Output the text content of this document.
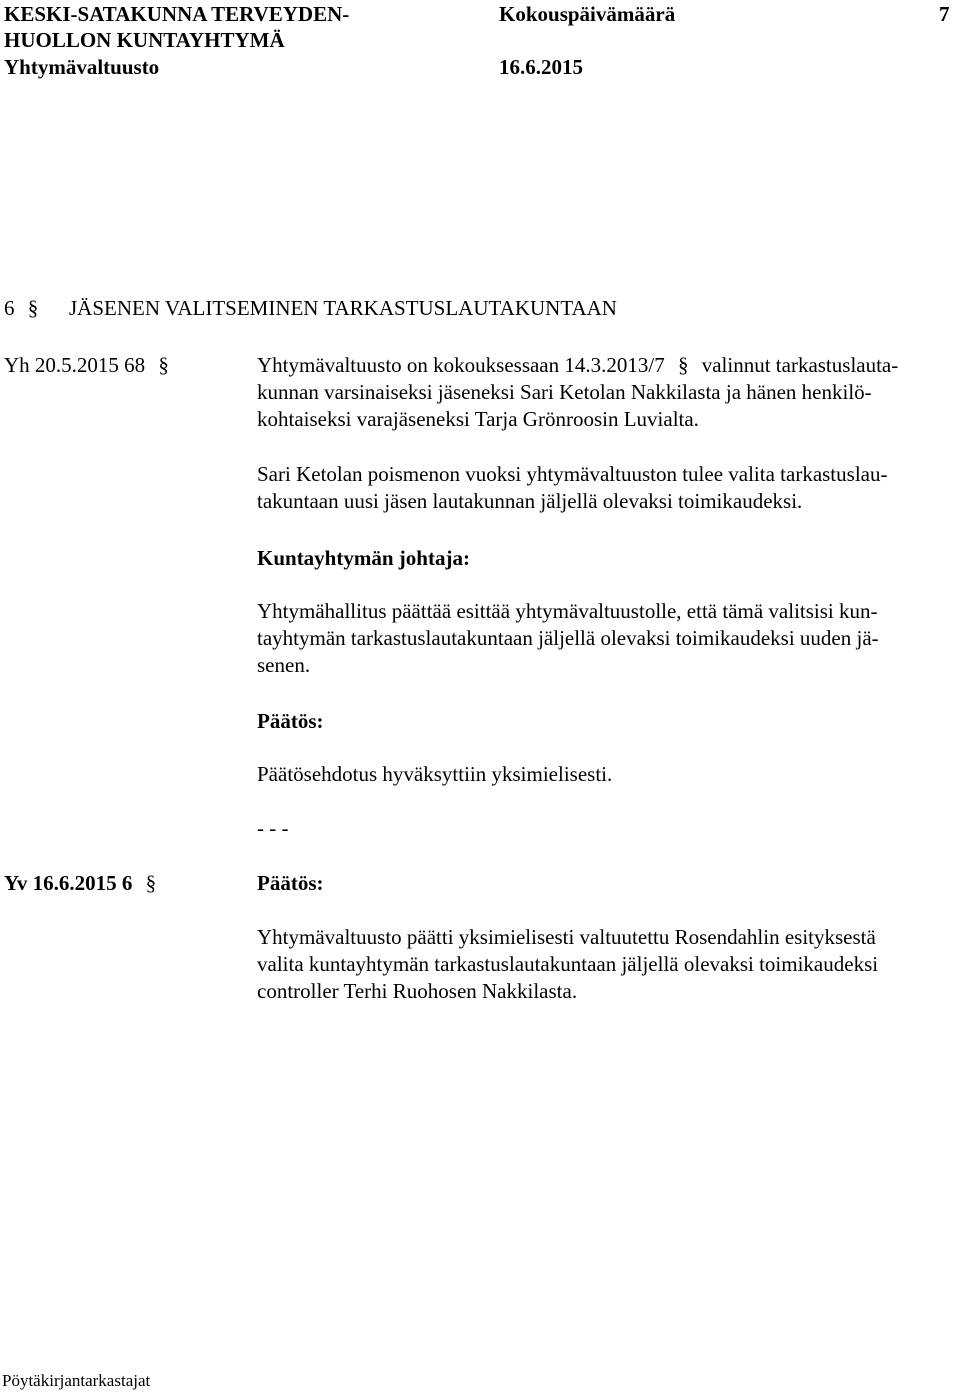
KESKI-SATAKUNNA TERVEYDEN-
HUOLLON KUNTAYHTYMÄ
Yhtymävaltuusto
Kokouspäivämäärä
16.6.2015
7
6 § JÄSENEN VALITSEMINEN TARKASTUSLAUTAKUNTAAN
Yh 20.5.2015 68 §	Yhtymävaltuusto on kokouksessaan 14.3.2013/7 § valinnut tarkastuslauta-
kunnan varsinaiseksi jäseneksi Sari Ketolan Nakkilasta ja hänen henkilö-
kohtaiseksi varajäseneksi Tarja Grönroosin Luvialta.
Sari Ketolan poismenon vuoksi yhtymävaltuuston tulee valita tarkastuslau-
takuntaan uusi jäsen lautakunnan jäljellä olevaksi toimikaudeksi.
Kuntayhtymän johtaja:
Yhtymähallitus päättää esittää yhtymävaltuustolle, että tämä valitsisi kun-
tayhtymän tarkastuslautakuntaan jäljellä olevaksi toimikaudeksi uuden jä-
senen.
Päätös:
Päätösehdotus hyväksyttiin yksimielisesti.
- - -
Yv 16.6.2015 6 §	Päätös:
Yhtymävaltuusto päätti yksimielisesti valtuutettu Rosendahlin esityksestä
valita kuntayhtymän tarkastuslautakuntaan jäljellä olevaksi toimikaudeksi
controller Terhi Ruohosen Nakkilasta.
Pöytäkirjantarkastajat
